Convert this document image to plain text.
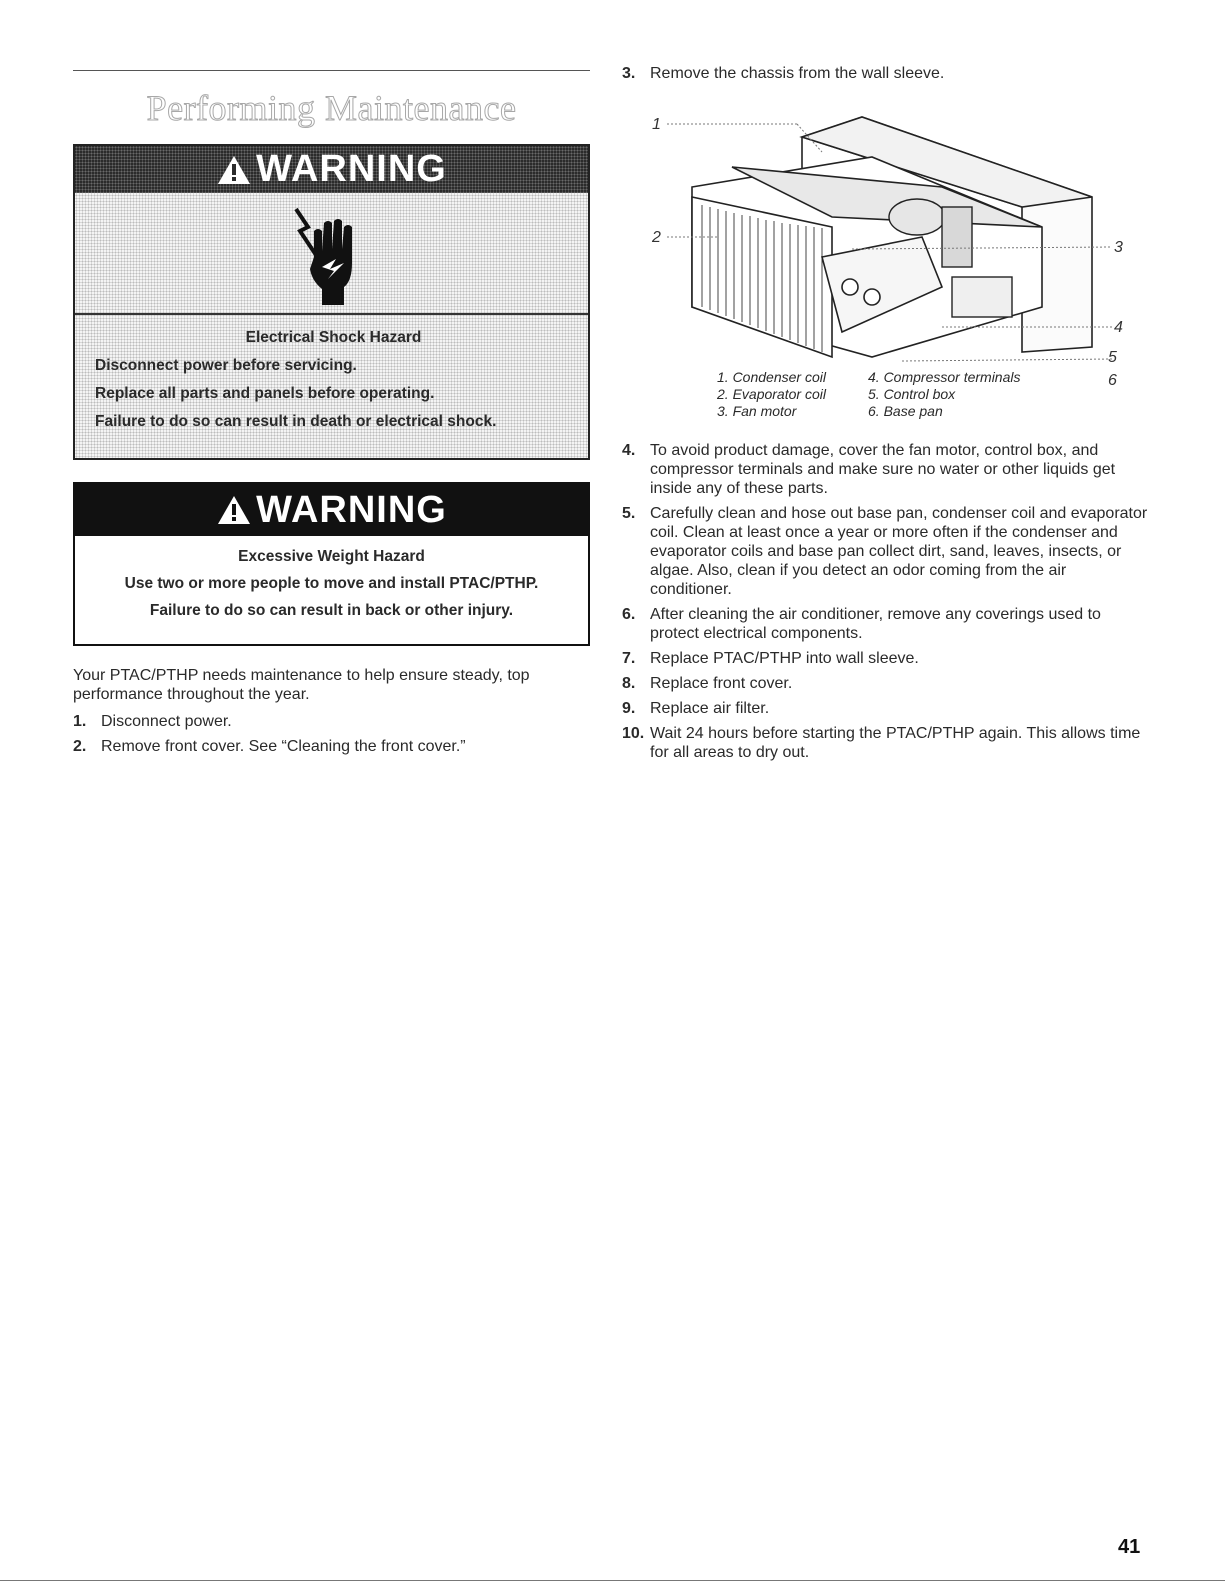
Performing Maintenance
WARNING
Electrical Shock Hazard
Disconnect power before servicing.
Replace all parts and panels before operating.
Failure to do so can result in death or electrical shock.
WARNING
Excessive Weight Hazard
Use two or more people to move and install PTAC/PTHP.
Failure to do so can result in back or other injury.
Your PTAC/PTHP needs maintenance to help ensure steady, top performance throughout the year.
1. Disconnect power.
2. Remove front cover. See “Cleaning the front cover.”
3. Remove the chassis from the wall sleeve.
1
2
3
4
5
6
1. Condenser coil
2. Evaporator coil
3. Fan motor
4. Compressor terminals
5. Control box
6. Base pan
4. To avoid product damage, cover the fan motor, control box, and compressor terminals and make sure no water or other liquids get inside any of these parts.
5. Carefully clean and hose out base pan, condenser coil and evaporator coil. Clean at least once a year or more often if the condenser and evaporator coils and base pan collect dirt, sand, leaves, insects, or algae. Also, clean if you detect an odor coming from the air conditioner.
6. After cleaning the air conditioner, remove any coverings used to protect electrical components.
7. Replace PTAC/PTHP into wall sleeve.
8. Replace front cover.
9. Replace air filter.
10. Wait 24 hours before starting the PTAC/PTHP again. This allows time for all areas to dry out.
41
